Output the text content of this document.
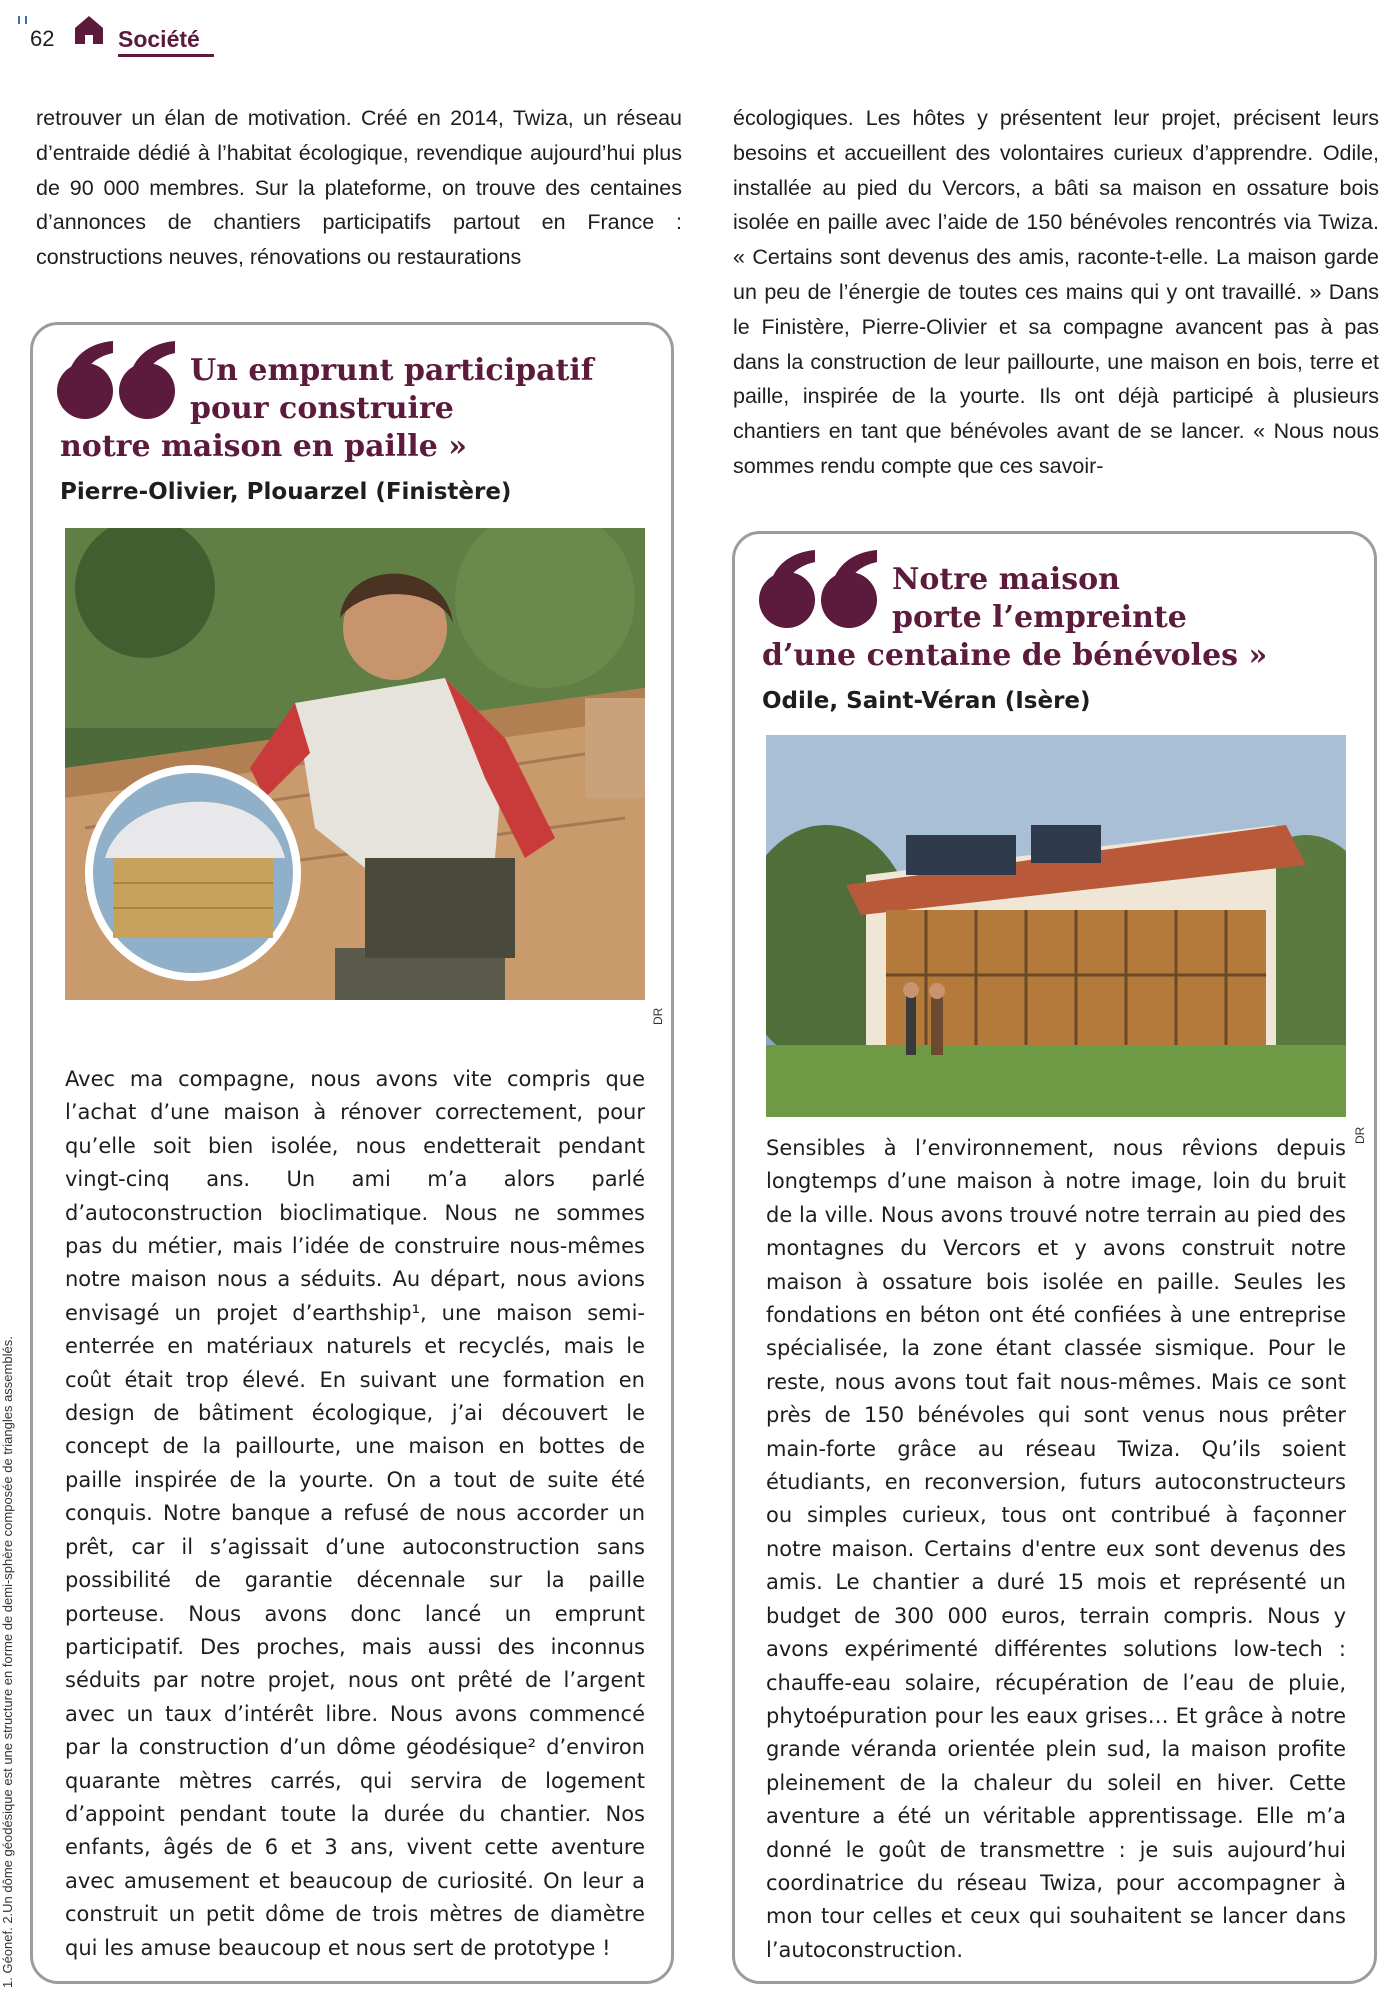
62	Société

retrouver un élan de motivation. Créé en 2014, Twiza, un réseau d’entraide dédié à l’habitat écologique, revendique aujourd’hui plus de 90 000 membres. Sur la plateforme, on trouve des centaines d’annonces de chantiers participatifs partout en France : constructions neuves, rénovations ou restaurations

écologiques. Les hôtes y présentent leur projet, précisent leurs besoins et accueillent des volontaires curieux d’apprendre. Odile, installée au pied du Vercors, a bâti sa maison en ossature bois isolée en paille avec l’aide de 150 bénévoles rencontrés via Twiza. « Certains sont devenus des amis, raconte-t-elle. La maison garde un peu de l’énergie de toutes ces mains qui y ont travaillé. » Dans le Finistère, Pierre-Olivier et sa compagne avancent pas à pas dans la construction de leur paillourte, une maison en bois, terre et paille, inspirée de la yourte. Ils ont déjà participé à plusieurs chantiers en tant que bénévoles avant de se lancer. « Nous nous sommes rendu compte que ces savoir-

Un emprunt participatif
pour construire
notre maison en paille »
Pierre-Olivier, Plouarzel (Finistère)
DR

Avec ma compagne, nous avons vite compris que l’achat d’une maison à rénover correctement, pour qu’elle soit bien isolée, nous endetterait pendant vingt-cinq ans. Un ami m’a alors parlé d’autoconstruction bioclimatique. Nous ne sommes pas du métier, mais l’idée de construire nous-mêmes notre maison nous a séduits. Au départ, nous avions envisagé un projet d’earthship¹, une maison semi-enterrée en matériaux naturels et recyclés, mais le coût était trop élevé. En suivant une formation en design de bâtiment écologique, j’ai découvert le concept de la paillourte, une maison en bottes de paille inspirée de la yourte. On a tout de suite été conquis. Notre banque a refusé de nous accorder un prêt, car il s’agissait d’une autoconstruction sans possibilité de garantie décennale sur la paille porteuse. Nous avons donc lancé un emprunt participatif. Des proches, mais aussi des inconnus séduits par notre projet, nous ont prêté de l’argent avec un taux d’intérêt libre. Nous avons commencé par la construction d’un dôme géodésique² d’environ quarante mètres carrés, qui servira de logement d’appoint pendant toute la durée du chantier. Nos enfants, âgés de 6 et 3 ans, vivent cette aventure avec amusement et beaucoup de curiosité. On leur a construit un petit dôme de trois mètres de diamètre qui les amuse beaucoup et nous sert de prototype !

Notre maison
porte l’empreinte
d’une centaine de bénévoles »
Odile, Saint-Véran (Isère)
DR

Sensibles à l’environnement, nous rêvions depuis longtemps d’une maison à notre image, loin du bruit de la ville. Nous avons trouvé notre terrain au pied des montagnes du Vercors et y avons construit notre maison à ossature bois isolée en paille. Seules les fondations en béton ont été confiées à une entreprise spécialisée, la zone étant classée sismique. Pour le reste, nous avons tout fait nous-mêmes. Mais ce sont près de 150 bénévoles qui sont venus nous prêter main-forte grâce au réseau Twiza. Qu’ils soient étudiants, en reconversion, futurs autoconstructeurs ou simples curieux, tous ont contribué à façonner notre maison. Certains d'entre eux sont devenus des amis. Le chantier a duré 15 mois et représenté un budget de 300 000 euros, terrain compris. Nous y avons expérimenté différentes solutions low-tech : chauffe-eau solaire, récupération de l’eau de pluie, phytoépuration pour les eaux grises… Et grâce à notre grande véranda orientée plein sud, la maison profite pleinement de la chaleur du soleil en hiver. Cette aventure a été un véritable apprentissage. Elle m’a donné le goût de transmettre : je suis aujourd’hui coordinatrice du réseau Twiza, pour accompagner à mon tour celles et ceux qui souhaitent se lancer dans l’autoconstruction.

1. Géonef. 2.Un dôme géodésique est une structure en forme de demi-sphère composée de triangles assemblés.
